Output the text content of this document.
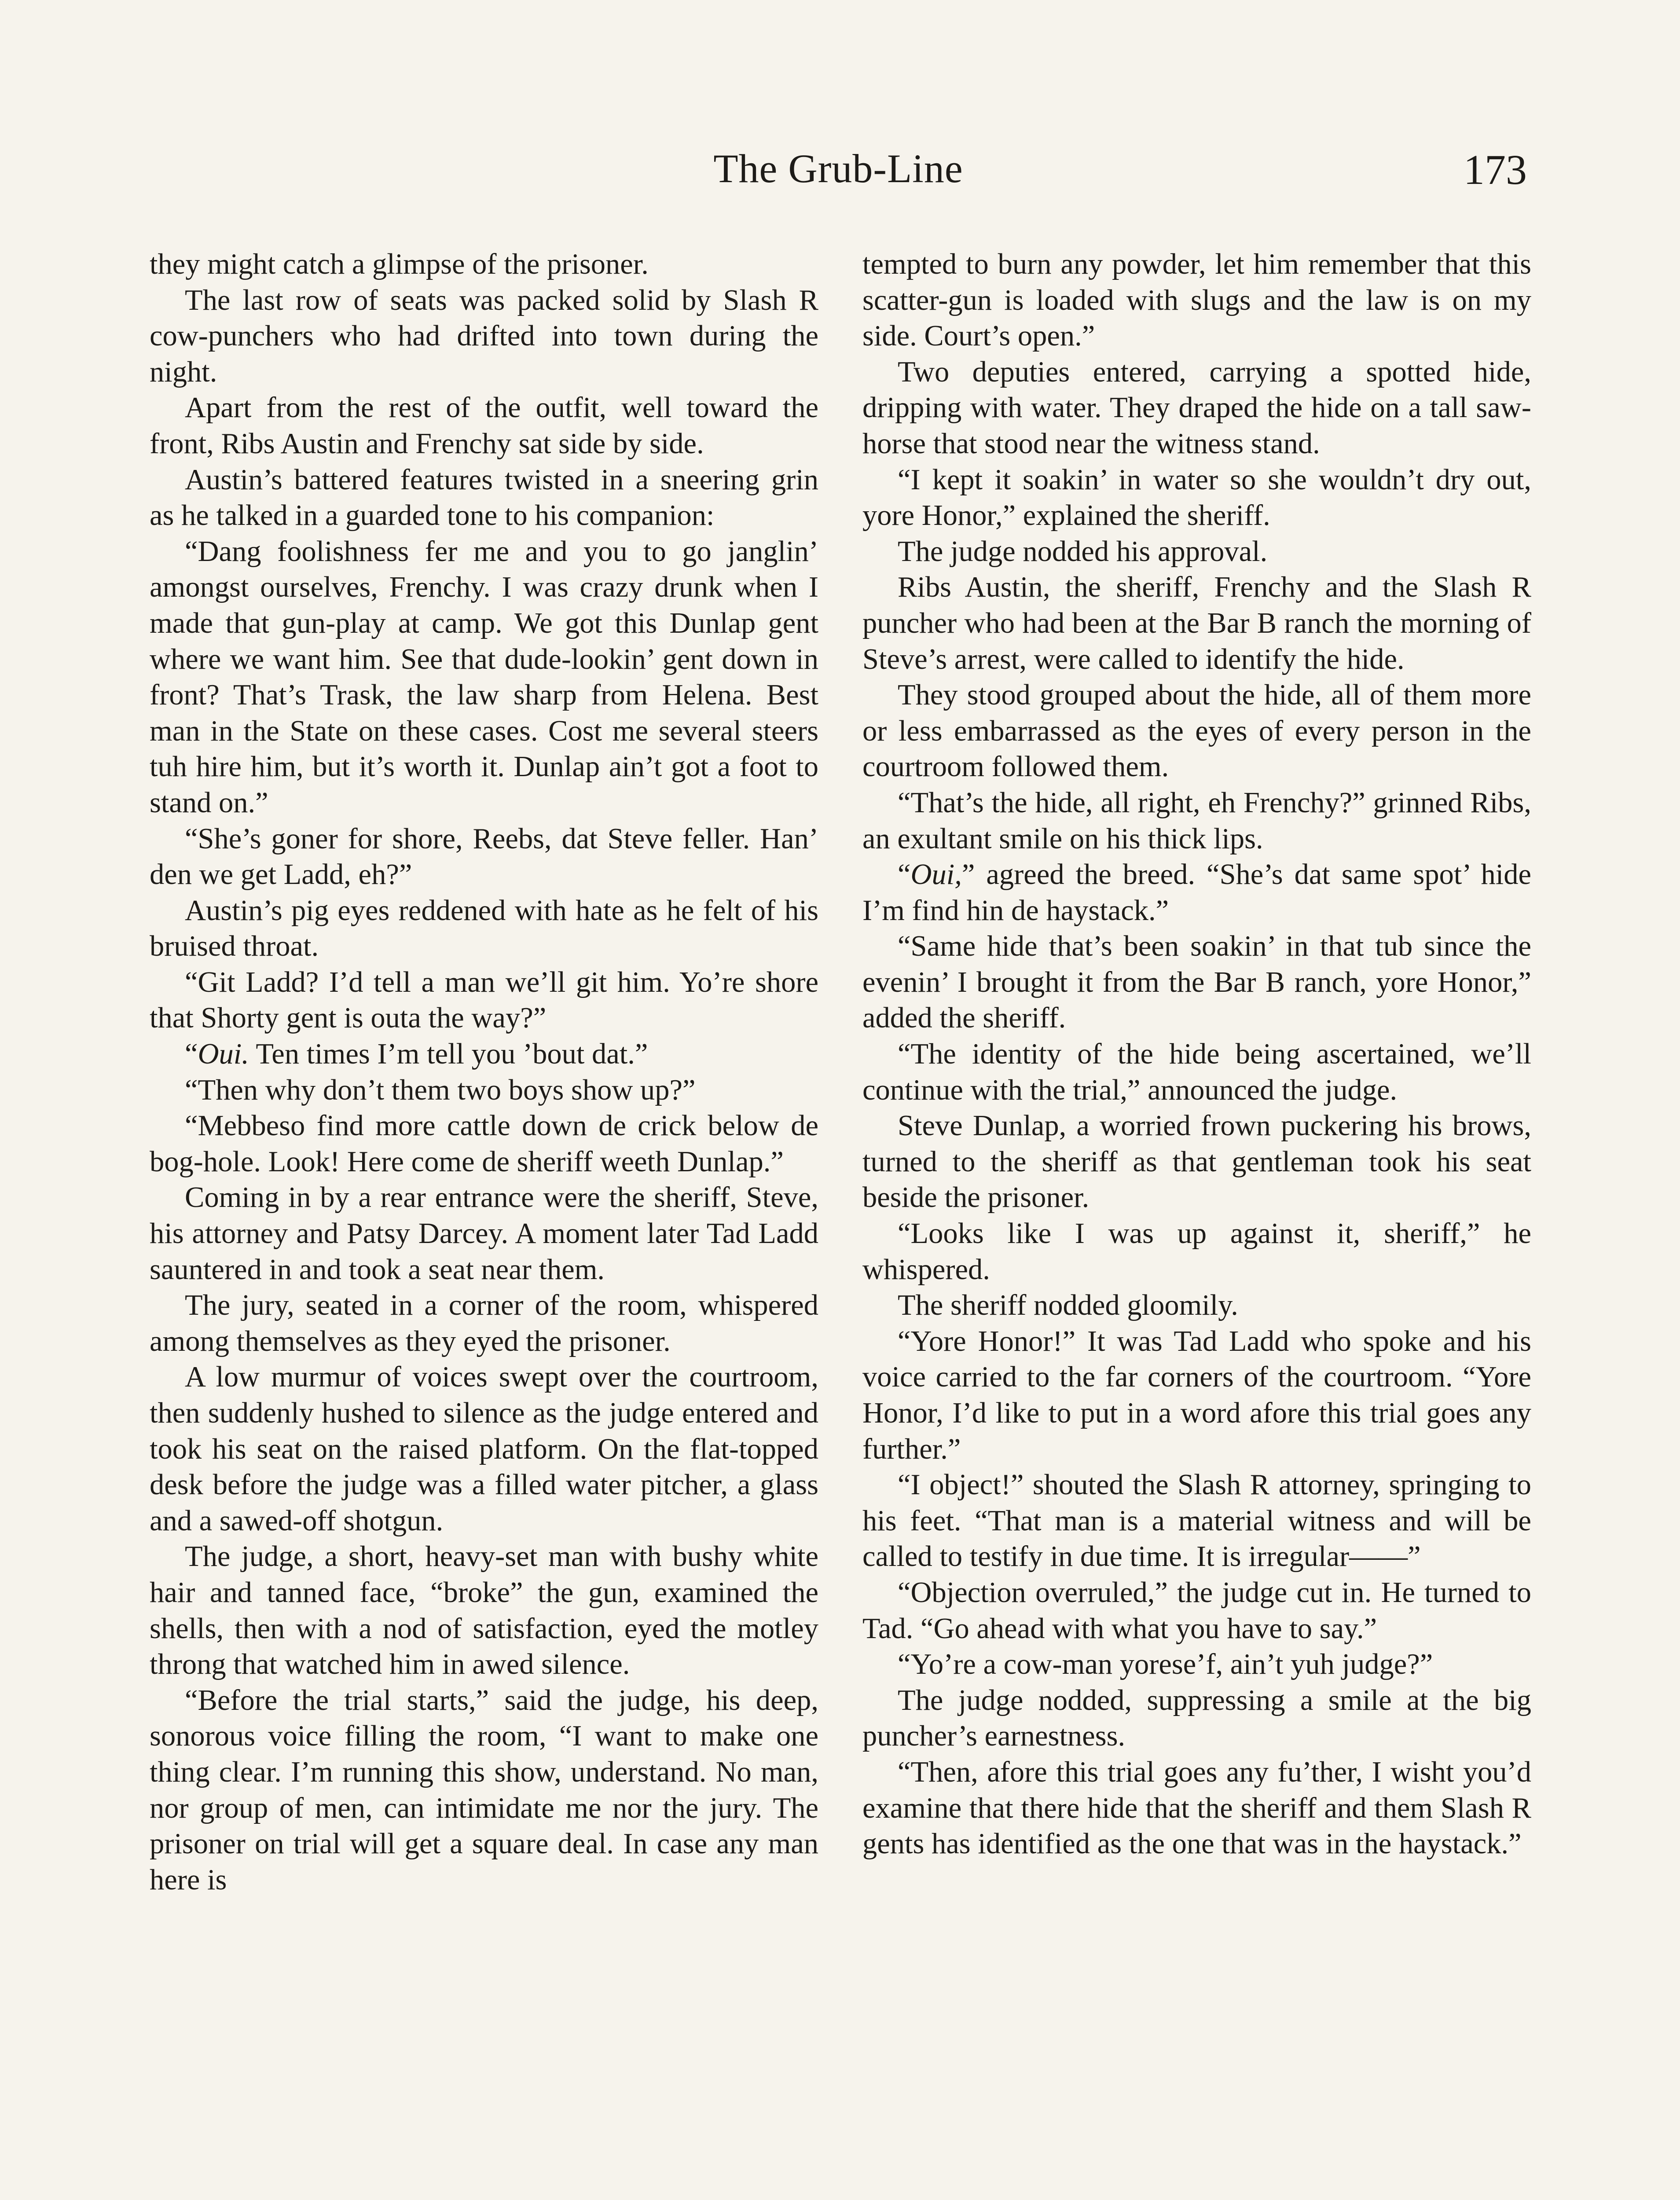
The Grub-Line	173

they might catch a glimpse of the prisoner.

The last row of seats was packed solid by Slash R cow-punchers who had drifted into town during the night.

Apart from the rest of the outfit, well toward the front, Ribs Austin and Frenchy sat side by side.

Austin’s battered features twisted in a sneering grin as he talked in a guarded tone to his companion:

“Dang foolishness fer me and you to go janglin’ amongst ourselves, Frenchy. I was crazy drunk when I made that gun-play at camp. We got this Dunlap gent where we want him. See that dude-lookin’ gent down in front? That’s Trask, the law sharp from Helena. Best man in the State on these cases. Cost me several steers tuh hire him, but it’s worth it. Dunlap ain’t got a foot to stand on.”

“She’s goner for shore, Reebs, dat Steve feller. Han’ den we get Ladd, eh?”

Austin’s pig eyes reddened with hate as he felt of his bruised throat.

“Git Ladd? I’d tell a man we’ll git him. Yo’re shore that Shorty gent is outa the way?”

“Oui. Ten times I’m tell you ’bout dat.”

“Then why don’t them two boys show up?”

“Mebbeso find more cattle down de crick below de bog-hole. Look! Here come de sheriff weeth Dunlap.”

Coming in by a rear entrance were the sheriff, Steve, his attorney and Patsy Darcey. A moment later Tad Ladd sauntered in and took a seat near them.

The jury, seated in a corner of the room, whispered among themselves as they eyed the prisoner.

A low murmur of voices swept over the courtroom, then suddenly hushed to silence as the judge entered and took his seat on the raised platform. On the flat-topped desk before the judge was a filled water pitcher, a glass and a sawed-off shotgun.

The judge, a short, heavy-set man with bushy white hair and tanned face, “broke” the gun, examined the shells, then with a nod of satisfaction, eyed the motley throng that watched him in awed silence.

“Before the trial starts,” said the judge, his deep, sonorous voice filling the room, “I want to make one thing clear. I’m running this show, understand. No man, nor group of men, can intimidate me nor the jury. The prisoner on trial will get a square deal. In case any man here is

tempted to burn any powder, let him remember that this scatter-gun is loaded with slugs and the law is on my side. Court’s open.”

Two deputies entered, carrying a spotted hide, dripping with water. They draped the hide on a tall saw-horse that stood near the witness stand.

“I kept it soakin’ in water so she wouldn’t dry out, yore Honor,” explained the sheriff.

The judge nodded his approval.

Ribs Austin, the sheriff, Frenchy and the Slash R puncher who had been at the Bar B ranch the morning of Steve’s arrest, were called to identify the hide.

They stood grouped about the hide, all of them more or less embarrassed as the eyes of every person in the courtroom followed them.

“That’s the hide, all right, eh Frenchy?” grinned Ribs, an exultant smile on his thick lips.

“Oui,” agreed the breed. “She’s dat same spot’ hide I’m find hin de haystack.”

“Same hide that’s been soakin’ in that tub since the evenin’ I brought it from the Bar B ranch, yore Honor,” added the sheriff.

“The identity of the hide being ascertained, we’ll continue with the trial,” announced the judge.

Steve Dunlap, a worried frown puckering his brows, turned to the sheriff as that gentleman took his seat beside the prisoner.

“Looks like I was up against it, sheriff,” he whispered.

The sheriff nodded gloomily.

“Yore Honor!” It was Tad Ladd who spoke and his voice carried to the far corners of the courtroom. “Yore Honor, I’d like to put in a word afore this trial goes any further.”

“I object!” shouted the Slash R attorney, springing to his feet. “That man is a material witness and will be called to testify in due time. It is irregular——”

“Objection overruled,” the judge cut in. He turned to Tad. “Go ahead with what you have to say.”

“Yo’re a cow-man yorese’f, ain’t yuh judge?”

The judge nodded, suppressing a smile at the big puncher’s earnestness.

“Then, afore this trial goes any fu’ther, I wisht you’d examine that there hide that the sheriff and them Slash R gents has identified as the one that was in the haystack.”
